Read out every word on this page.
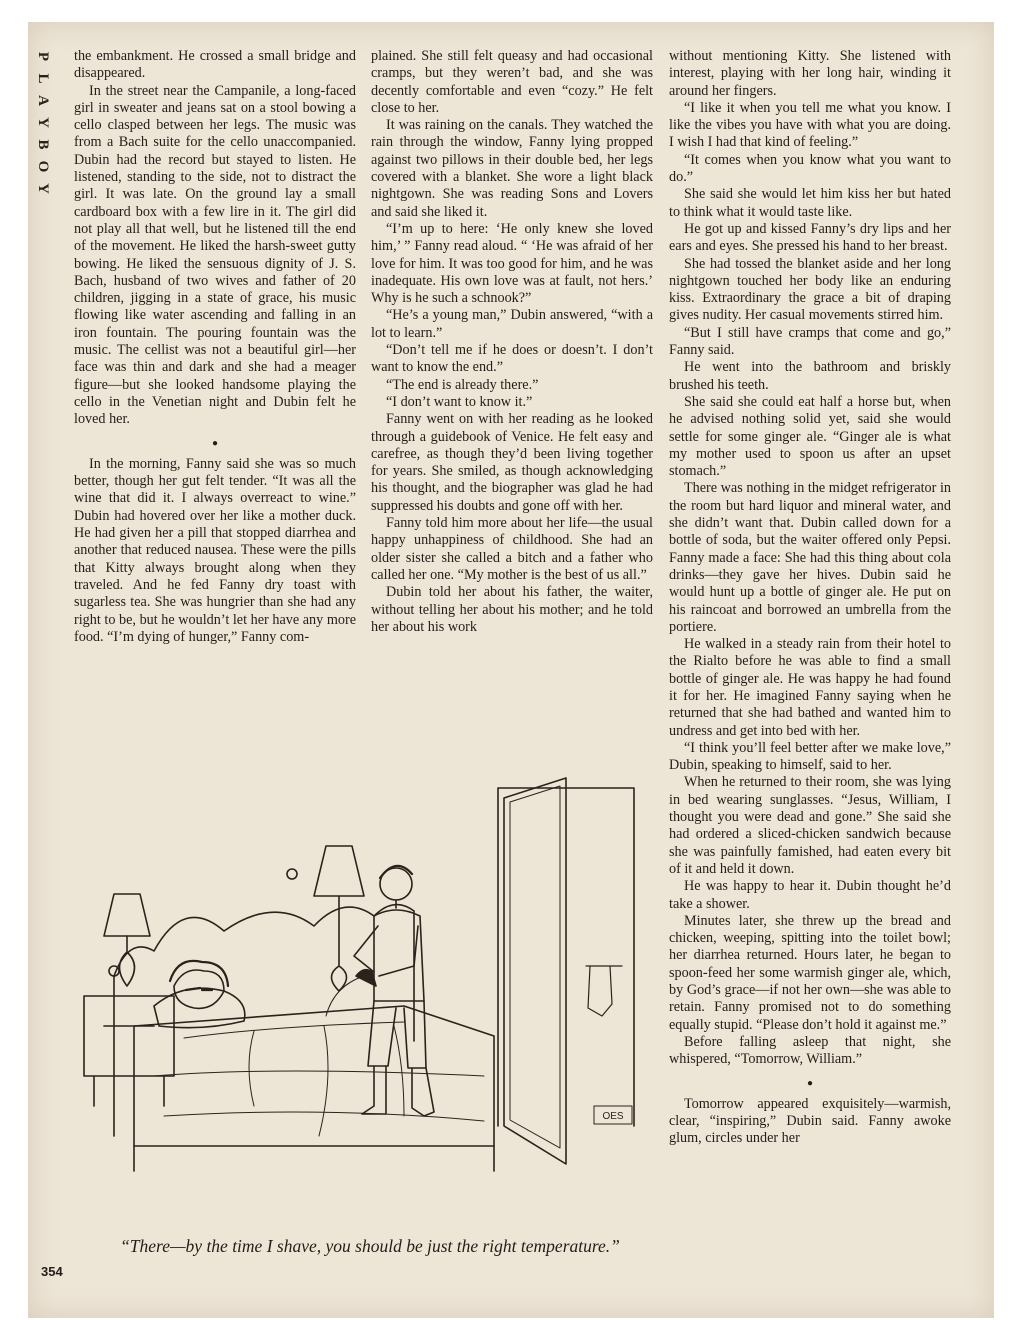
P
L
A
Y
B
O
Y

the embankment. He crossed a small bridge and disappeared.

In the street near the Campanile, a long-faced girl in sweater and jeans sat on a stool bowing a cello clasped between her legs. The music was from a Bach suite for the cello unaccompanied. Dubin had the record but stayed to listen. He listened, standing to the side, not to distract the girl. It was late. On the ground lay a small cardboard box with a few lire in it. The girl did not play all that well, but he listened till the end of the movement. He liked the harsh-sweet gutty bowing. He liked the sensuous dignity of J. S. Bach, husband of two wives and father of 20 children, jigging in a state of grace, his music flowing like water ascending and falling in an iron fountain. The pouring fountain was the music. The cellist was not a beautiful girl—her face was thin and dark and she had a meager figure—but she looked handsome playing the cello in the Venetian night and Dubin felt he loved her.

●

In the morning, Fanny said she was so much better, though her gut felt tender. “It was all the wine that did it. I always overreact to wine.” Dubin had hovered over her like a mother duck. He had given her a pill that stopped diarrhea and another that reduced nausea. These were the pills that Kitty always brought along when they traveled. And he fed Fanny dry toast with sugarless tea. She was hungrier than she had any right to be, but he wouldn’t let her have any more food. “I’m dying of hunger,” Fanny com-

plained. She still felt queasy and had occasional cramps, but they weren’t bad, and she was decently comfortable and even “cozy.” He felt close to her.

It was raining on the canals. They watched the rain through the window, Fanny lying propped against two pillows in their double bed, her legs covered with a blanket. She wore a light black nightgown. She was reading Sons and Lovers and said she liked it.

“I’m up to here: ‘He only knew she loved him,’ ” Fanny read aloud. “ ‘He was afraid of her love for him. It was too good for him, and he was inadequate. His own love was at fault, not hers.’ Why is he such a schnook?”

“He’s a young man,” Dubin answered, “with a lot to learn.”

“Don’t tell me if he does or doesn’t. I don’t want to know the end.”

“The end is already there.”

“I don’t want to know it.”

Fanny went on with her reading as he looked through a guidebook of Venice. He felt easy and carefree, as though they’d been living together for years. She smiled, as though acknowledging his thought, and the biographer was glad he had suppressed his doubts and gone off with her.

Fanny told him more about her life—the usual happy unhappiness of childhood. She had an older sister she called a bitch and a father who called her one. “My mother is the best of us all.”

Dubin told her about his father, the waiter, without telling her about his mother; and he told her about his work

without mentioning Kitty. She listened with interest, playing with her long hair, winding it around her fingers.

“I like it when you tell me what you know. I like the vibes you have with what you are doing. I wish I had that kind of feeling.”

“It comes when you know what you want to do.”

She said she would let him kiss her but hated to think what it would taste like.

He got up and kissed Fanny’s dry lips and her ears and eyes. She pressed his hand to her breast.

She had tossed the blanket aside and her long nightgown touched her body like an enduring kiss. Extraordinary the grace a bit of draping gives nudity. Her casual movements stirred him.

“But I still have cramps that come and go,” Fanny said.

He went into the bathroom and briskly brushed his teeth.

She said she could eat half a horse but, when he advised nothing solid yet, said she would settle for some ginger ale. “Ginger ale is what my mother used to spoon us after an upset stomach.”

There was nothing in the midget refrigerator in the room but hard liquor and mineral water, and she didn’t want that. Dubin called down for a bottle of soda, but the waiter offered only Pepsi. Fanny made a face: She had this thing about cola drinks—they gave her hives. Dubin said he would hunt up a bottle of ginger ale. He put on his raincoat and borrowed an umbrella from the portiere.

He walked in a steady rain from their hotel to the Rialto before he was able to find a small bottle of ginger ale. He was happy he had found it for her. He imagined Fanny saying when he returned that she had bathed and wanted him to undress and get into bed with her.

“I think you’ll feel better after we make love,” Dubin, speaking to himself, said to her.

When he returned to their room, she was lying in bed wearing sunglasses. “Jesus, William, I thought you were dead and gone.” She said she had ordered a sliced-chicken sandwich because she was painfully famished, had eaten every bit of it and held it down.

He was happy to hear it. Dubin thought he’d take a shower.

Minutes later, she threw up the bread and chicken, weeping, spitting into the toilet bowl; her diarrhea returned. Hours later, he began to spoon-feed her some warmish ginger ale, which, by God’s grace—if not her own—she was able to retain. Fanny promised not to do something equally stupid. “Please don’t hold it against me.”

Before falling asleep that night, she whispered, “Tomorrow, William.”

●

Tomorrow appeared exquisitely—warmish, clear, “inspiring,” Dubin said. Fanny awoke glum, circles under her

OES
“There—by the time I shave, you should be just the right temperature.”
354
